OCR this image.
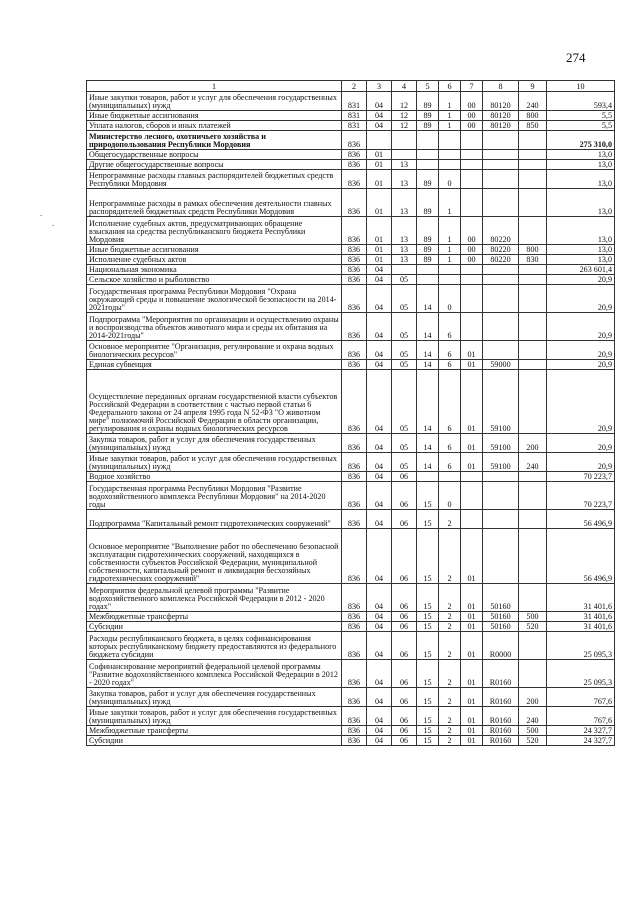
274
.
.
1	2	3	4	5	6	7	8	9	10
Иные закупки товаров, работ и услуг для обеспечения государственных (муниципальных) нужд	831	04	12	89	1	00	80120	240	593,4
Иные бюджетные ассигнования	831	04	12	89	1	00	80120	800	5,5
Уплата налогов, сборов и иных платежей	831	04	12	89	1	00	80120	850	5,5
Министерство лесного, охотничьего хозяйства и природопользования Республики Мордовия	836								275 310,0
Общегосударственные вопросы	836	01							13,0
Другие общегосударственные вопросы	836	01	13						13,0
Непрограммные расходы главных распорядителей бюджетных средств Республики Мордовия	836	01	13	89	0				13,0
Непрограммные расходы в рамках обеспечения деятельности главных распорядителей бюджетных средств Республики Мордовия	836	01	13	89	1				13,0
Исполнение судебных актов, предусматривающих обращение взыскания на средства республиканского бюджета Республики Мордовия	836	01	13	89	1	00	80220		13,0
Иные бюджетные ассигнования	836	01	13	89	1	00	80220	800	13,0
Исполнение судебных актов	836	01	13	89	1	00	80220	830	13,0
Национальная экономика	836	04							263 601,4
Сельское хозяйство и рыболовство	836	04	05						20,9
Государственная программа Республики Мордовия "Охрана окружающей среды и повышение экологической безопасности на 2014-2021годы"	836	04	05	14	0				20,9
Подпрограмма "Мероприятия по организации и осуществлению охраны и воспроизводства объектов животного мира и среды их обитания на 2014-2021годы"	836	04	05	14	6				20,9
Основное мероприятие "Организация, регулирование и охрана водных биологических ресурсов"	836	04	05	14	6	01			20,9
Единая субвенция	836	04	05	14	6	01	59000		20,9
Осуществление переданных органам государственной власти субъектов Российской Федерации в соответствии с частью первой статьи 6 Федерального закона от 24 апреля 1995 года N 52-ФЗ "О животном мире" полномочий Российской Федерации в области организации, регулирования и охраны водных биологических ресурсов	836	04	05	14	6	01	59100		20,9
Закупка товаров, работ и услуг для обеспечения государственных (муниципальных) нужд	836	04	05	14	6	01	59100	200	20,9
Иные закупки товаров, работ и услуг для обеспечения государственных (муниципальных) нужд	836	04	05	14	6	01	59100	240	20,9
Водное хозяйство	836	04	06						70 223,7
Государственная программа Республики Мордовия "Развитие водохозяйственного комплекса Республики Мордовия" на 2014-2020 годы	836	04	06	15	0				70 223,7
Подпрограмма "Капитальный ремонт гидротехнических сооружений"	836	04	06	15	2				56 496,9
Основное мероприятие "Выполнение работ по обеспечению безопасной эксплуатации гидротехнических сооружений, находящихся в собственности субъектов Российской Федерации, муниципальной собственности, капитальный ремонт и ликвидация бесхозяйных гидротехнических сооружений"	836	04	06	15	2	01			56 496,9
Мероприятия федеральной целевой программы "Развитие водохозяйственного комплекса Российской Федерации в 2012 - 2020 годах"	836	04	06	15	2	01	50160		31 401,6
Межбюджетные трансферты	836	04	06	15	2	01	50160	500	31 401,6
Субсидии	836	04	06	15	2	01	50160	520	31 401,6
Расходы республиканского бюджета, в целях софинансирования которых республиканскому бюджету предоставляются из федерального бюджета субсидии	836	04	06	15	2	01	R0000		25 095,3
Софинансирование мероприятий федеральной целевой программы "Развитие водохозяйственного комплекса Российской Федерации в 2012 - 2020 годах"	836	04	06	15	2	01	R0160		25 095,3
Закупка товаров, работ и услуг для обеспечения государственных (муниципальных) нужд	836	04	06	15	2	01	R0160	200	767,6
Иные закупки товаров, работ и услуг для обеспечения государственных (муниципальных) нужд	836	04	06	15	2	01	R0160	240	767,6
Межбюджетные трансферты	836	04	06	15	2	01	R0160	500	24 327,7
Субсидии	836	04	06	15	2	01	R0160	520	24 327,7
